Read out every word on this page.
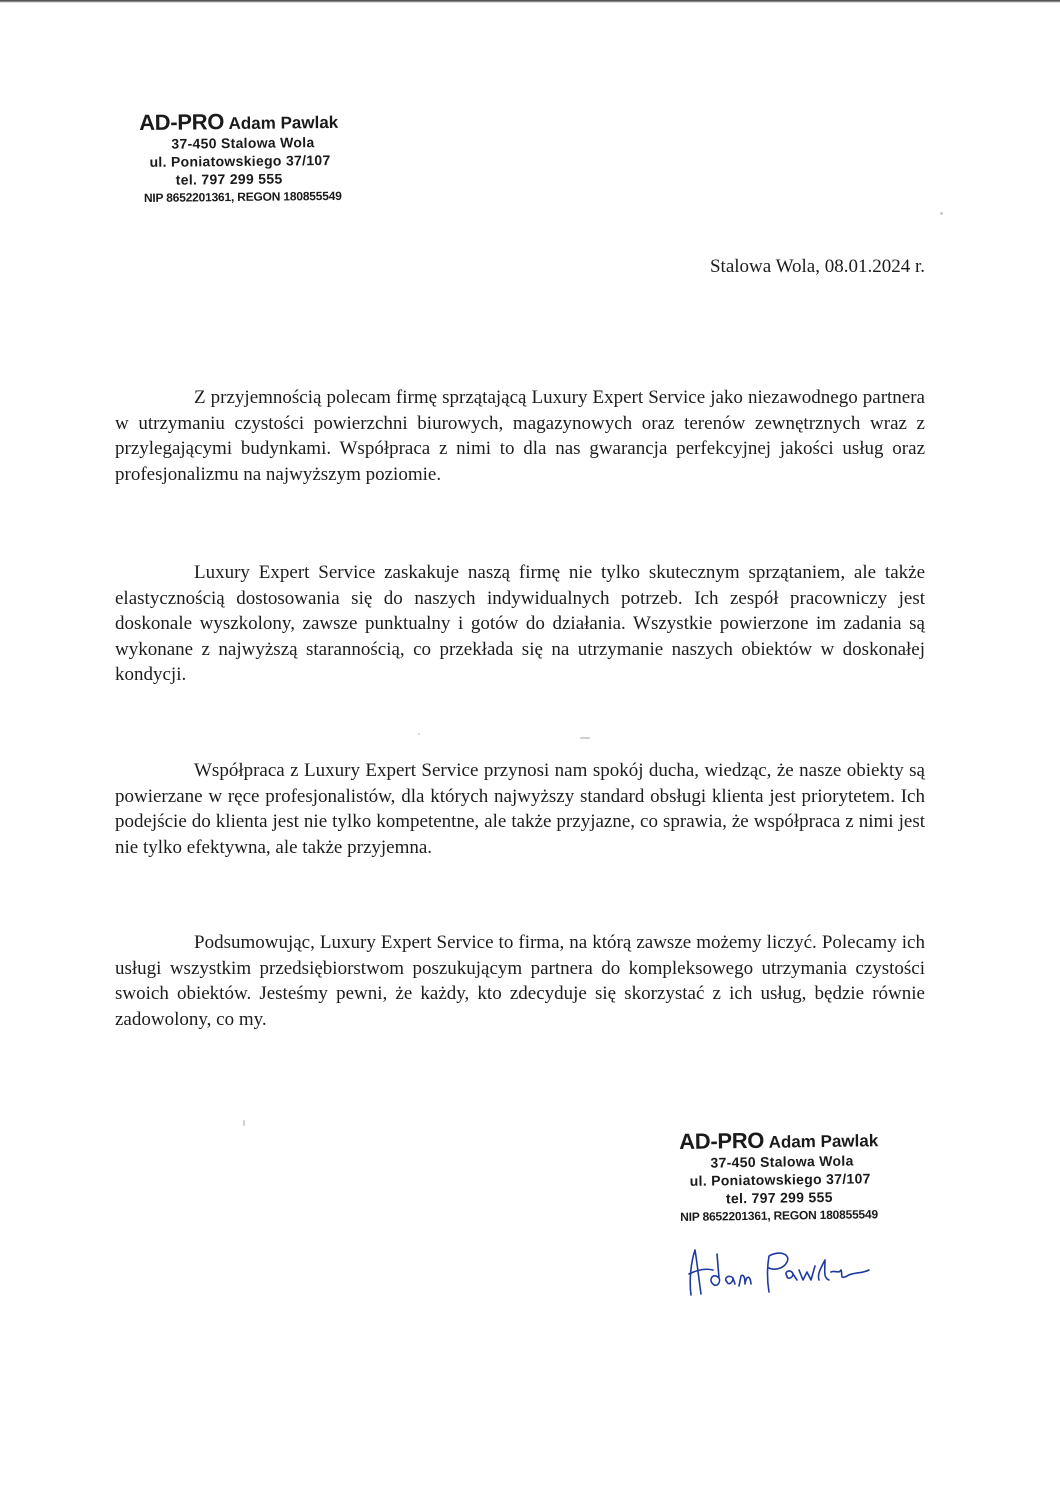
AD-PRO Adam Pawlak
37-450 Stalowa Wola
ul. Poniatowskiego 37/107
tel. 797 299 555
NIP 8652201361, REGON 180855549
Stalowa Wola, 08.01.2024 r.

Z przyjemnością polecam firmę sprzątającą Luxury Expert Service jako niezawodnego partnera w utrzymaniu czystości powierzchni biurowych, magazynowych oraz terenów zewnętrznych wraz z przylegającymi budynkami. Współpraca z nimi to dla nas gwarancja perfekcyjnej jakości usług oraz profesjonalizmu na najwyższym poziomie.

Luxury Expert Service zaskakuje naszą firmę nie tylko skutecznym sprzątaniem, ale także elastycznością dostosowania się do naszych indywidualnych potrzeb. Ich zespół pracowniczy jest doskonale wyszkolony, zawsze punktualny i gotów do działania. Wszystkie powierzone im zadania są wykonane z najwyższą starannością, co przekłada się na utrzymanie naszych obiektów w doskonałej kondycji.

Współpraca z Luxury Expert Service przynosi nam spokój ducha, wiedząc, że nasze obiekty są powierzane w ręce profesjonalistów, dla których najwyższy standard obsługi klienta jest priorytetem. Ich podejście do klienta jest nie tylko kompetentne, ale także przyjazne, co sprawia, że współpraca z nimi jest nie tylko efektywna, ale także przyjemna.

Podsumowując, Luxury Expert Service to firma, na którą zawsze możemy liczyć. Polecamy ich usługi wszystkim przedsiębiorstwom poszukującym partnera do kompleksowego utrzymania czystości swoich obiektów. Jesteśmy pewni, że każdy, kto zdecyduje się skorzystać z ich usług, będzie równie zadowolony, co my.

AD-PRO Adam Pawlak
37-450 Stalowa Wola
ul. Poniatowskiego 37/107
tel. 797 299 555
NIP 8652201361, REGON 180855549
